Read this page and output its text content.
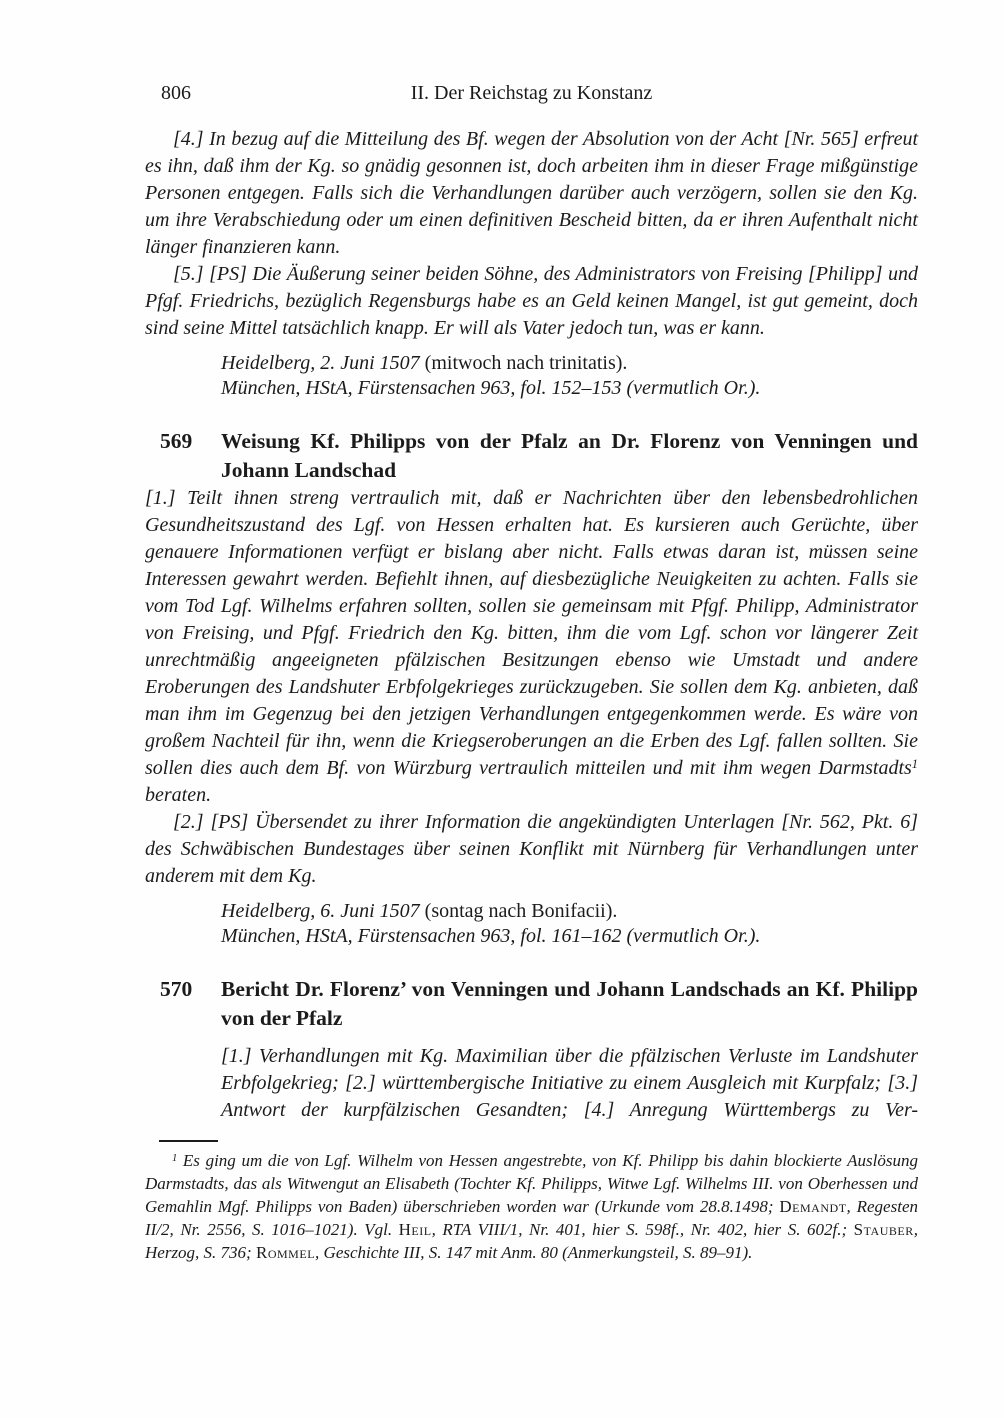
806	II. Der Reichstag zu Konstanz

[4.] In bezug auf die Mitteilung des Bf. wegen der Absolution von der Acht [Nr. 565] erfreut es ihn, daß ihm der Kg. so gnädig gesonnen ist, doch arbeiten ihm in dieser Frage mißgünstige Personen entgegen. Falls sich die Verhandlungen darüber auch verzögern, sollen sie den Kg. um ihre Verabschiedung oder um einen definitiven Bescheid bitten, da er ihren Aufenthalt nicht länger finanzieren kann.

[5.] [PS] Die Äußerung seiner beiden Söhne, des Administrators von Freising [Philipp] und Pfgf. Friedrichs, bezüglich Regensburgs habe es an Geld keinen Mangel, ist gut gemeint, doch sind seine Mittel tatsächlich knapp. Er will als Vater jedoch tun, was er kann.

Heidelberg, 2. Juni 1507 (mitwoch nach trinitatis).
München, HStA, Fürstensachen 963, fol. 152–153 (vermutlich Or.).
569	Weisung Kf. Philipps von der Pfalz an Dr. Florenz von Venningen und Johann Landschad

[1.] Teilt ihnen streng vertraulich mit, daß er Nachrichten über den lebensbedrohlichen Gesundheitszustand des Lgf. von Hessen erhalten hat. Es kursieren auch Gerüchte, über genauere Informationen verfügt er bislang aber nicht. Falls etwas daran ist, müssen seine Interessen gewahrt werden. Befiehlt ihnen, auf diesbezügliche Neuigkeiten zu achten. Falls sie vom Tod Lgf. Wilhelms erfahren sollten, sollen sie gemeinsam mit Pfgf. Philipp, Administrator von Freising, und Pfgf. Friedrich den Kg. bitten, ihm die vom Lgf. schon vor längerer Zeit unrechtmäßig angeeigneten pfälzischen Besitzungen ebenso wie Umstadt und andere Eroberungen des Landshuter Erbfolgekrieges zurückzugeben. Sie sollen dem Kg. anbieten, daß man ihm im Gegenzug bei den jetzigen Verhandlungen entgegenkommen werde. Es wäre von großem Nachteil für ihn, wenn die Kriegseroberungen an die Erben des Lgf. fallen sollten. Sie sollen dies auch dem Bf. von Würzburg vertraulich mitteilen und mit ihm wegen Darmstadts$^1$ beraten.

[2.] [PS] Übersendet zu ihrer Information die angekündigten Unterlagen [Nr. 562, Pkt. 6] des Schwäbischen Bundestages über seinen Konflikt mit Nürnberg für Verhandlungen unter anderem mit dem Kg.

Heidelberg, 6. Juni 1507 (sontag nach Bonifacii).
München, HStA, Fürstensachen 963, fol. 161–162 (vermutlich Or.).
570	Bericht Dr. Florenz’ von Venningen und Johann Landschads an Kf. Philipp von der Pfalz

[1.] Verhandlungen mit Kg. Maximilian über die pfälzischen Verluste im Landshuter Erbfolgekrieg; [2.] württembergische Initiative zu einem Ausgleich mit Kurpfalz; [3.] Antwort der kurpfälzischen Gesandten; [4.] Anregung Württembergs zu Ver-

$^1$ Es ging um die von Lgf. Wilhelm von Hessen angestrebte, von Kf. Philipp bis dahin blockierte Auslösung Darmstadts, das als Witwengut an Elisabeth (Tochter Kf. Philipps, Witwe Lgf. Wilhelms III. von Oberhessen und Gemahlin Mgf. Philipps von Baden) überschrieben worden war (Urkunde vom 28.8.1498; Demandt, Regesten II/2, Nr. 2556, S. 1016–1021). Vgl. Heil, RTA VIII/1, Nr. 401, hier S. 598f., Nr. 402, hier S. 602f.; Stauber, Herzog, S. 736; Rommel, Geschichte III, S. 147 mit Anm. 80 (Anmerkungsteil, S. 89–91).
